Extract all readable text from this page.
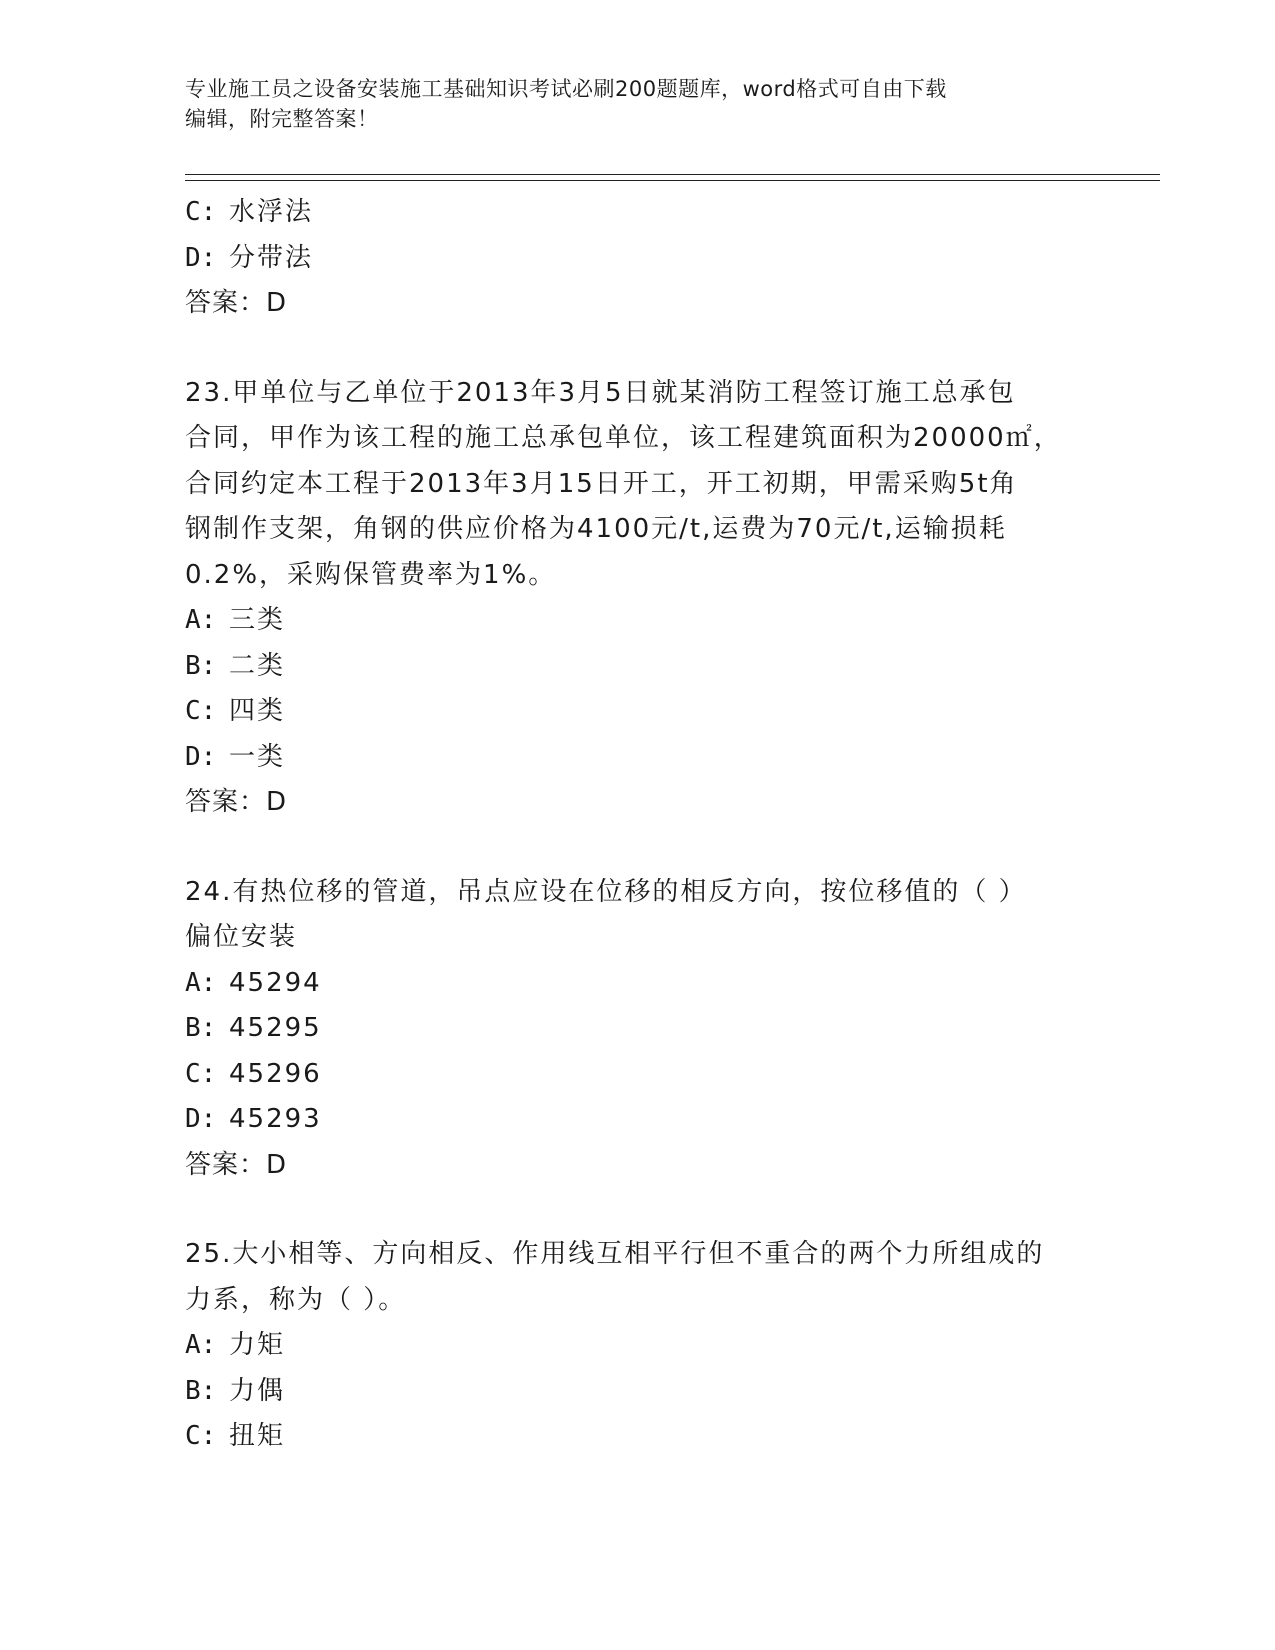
专业施工员之设备安装施工基础知识考试必刷200题题库，word格式可自由下载
编辑，附完整答案！
C: 水浮法
D: 分带法
答案：D
23.甲单位与乙单位于2013年3月5日就某消防工程签订施工总承包
合同，甲作为该工程的施工总承包单位，该工程建筑面积为20000㎡，
合同约定本工程于2013年3月15日开工，开工初期，甲需采购5t角
钢制作支架，角钢的供应价格为4100元/t,运费为70元/t,运输损耗
0.2%，采购保管费率为1%。
A: 三类
B: 二类
C: 四类
D: 一类
答案：D
24.有热位移的管道，吊点应设在位移的相反方向，按位移值的（ ）
偏位安装
A: 45294
B: 45295
C: 45296
D: 45293
答案：D
25.大小相等、方向相反、作用线互相平行但不重合的两个力所组成的
力系，称为（ ）。
A: 力矩
B: 力偶
C: 扭矩
